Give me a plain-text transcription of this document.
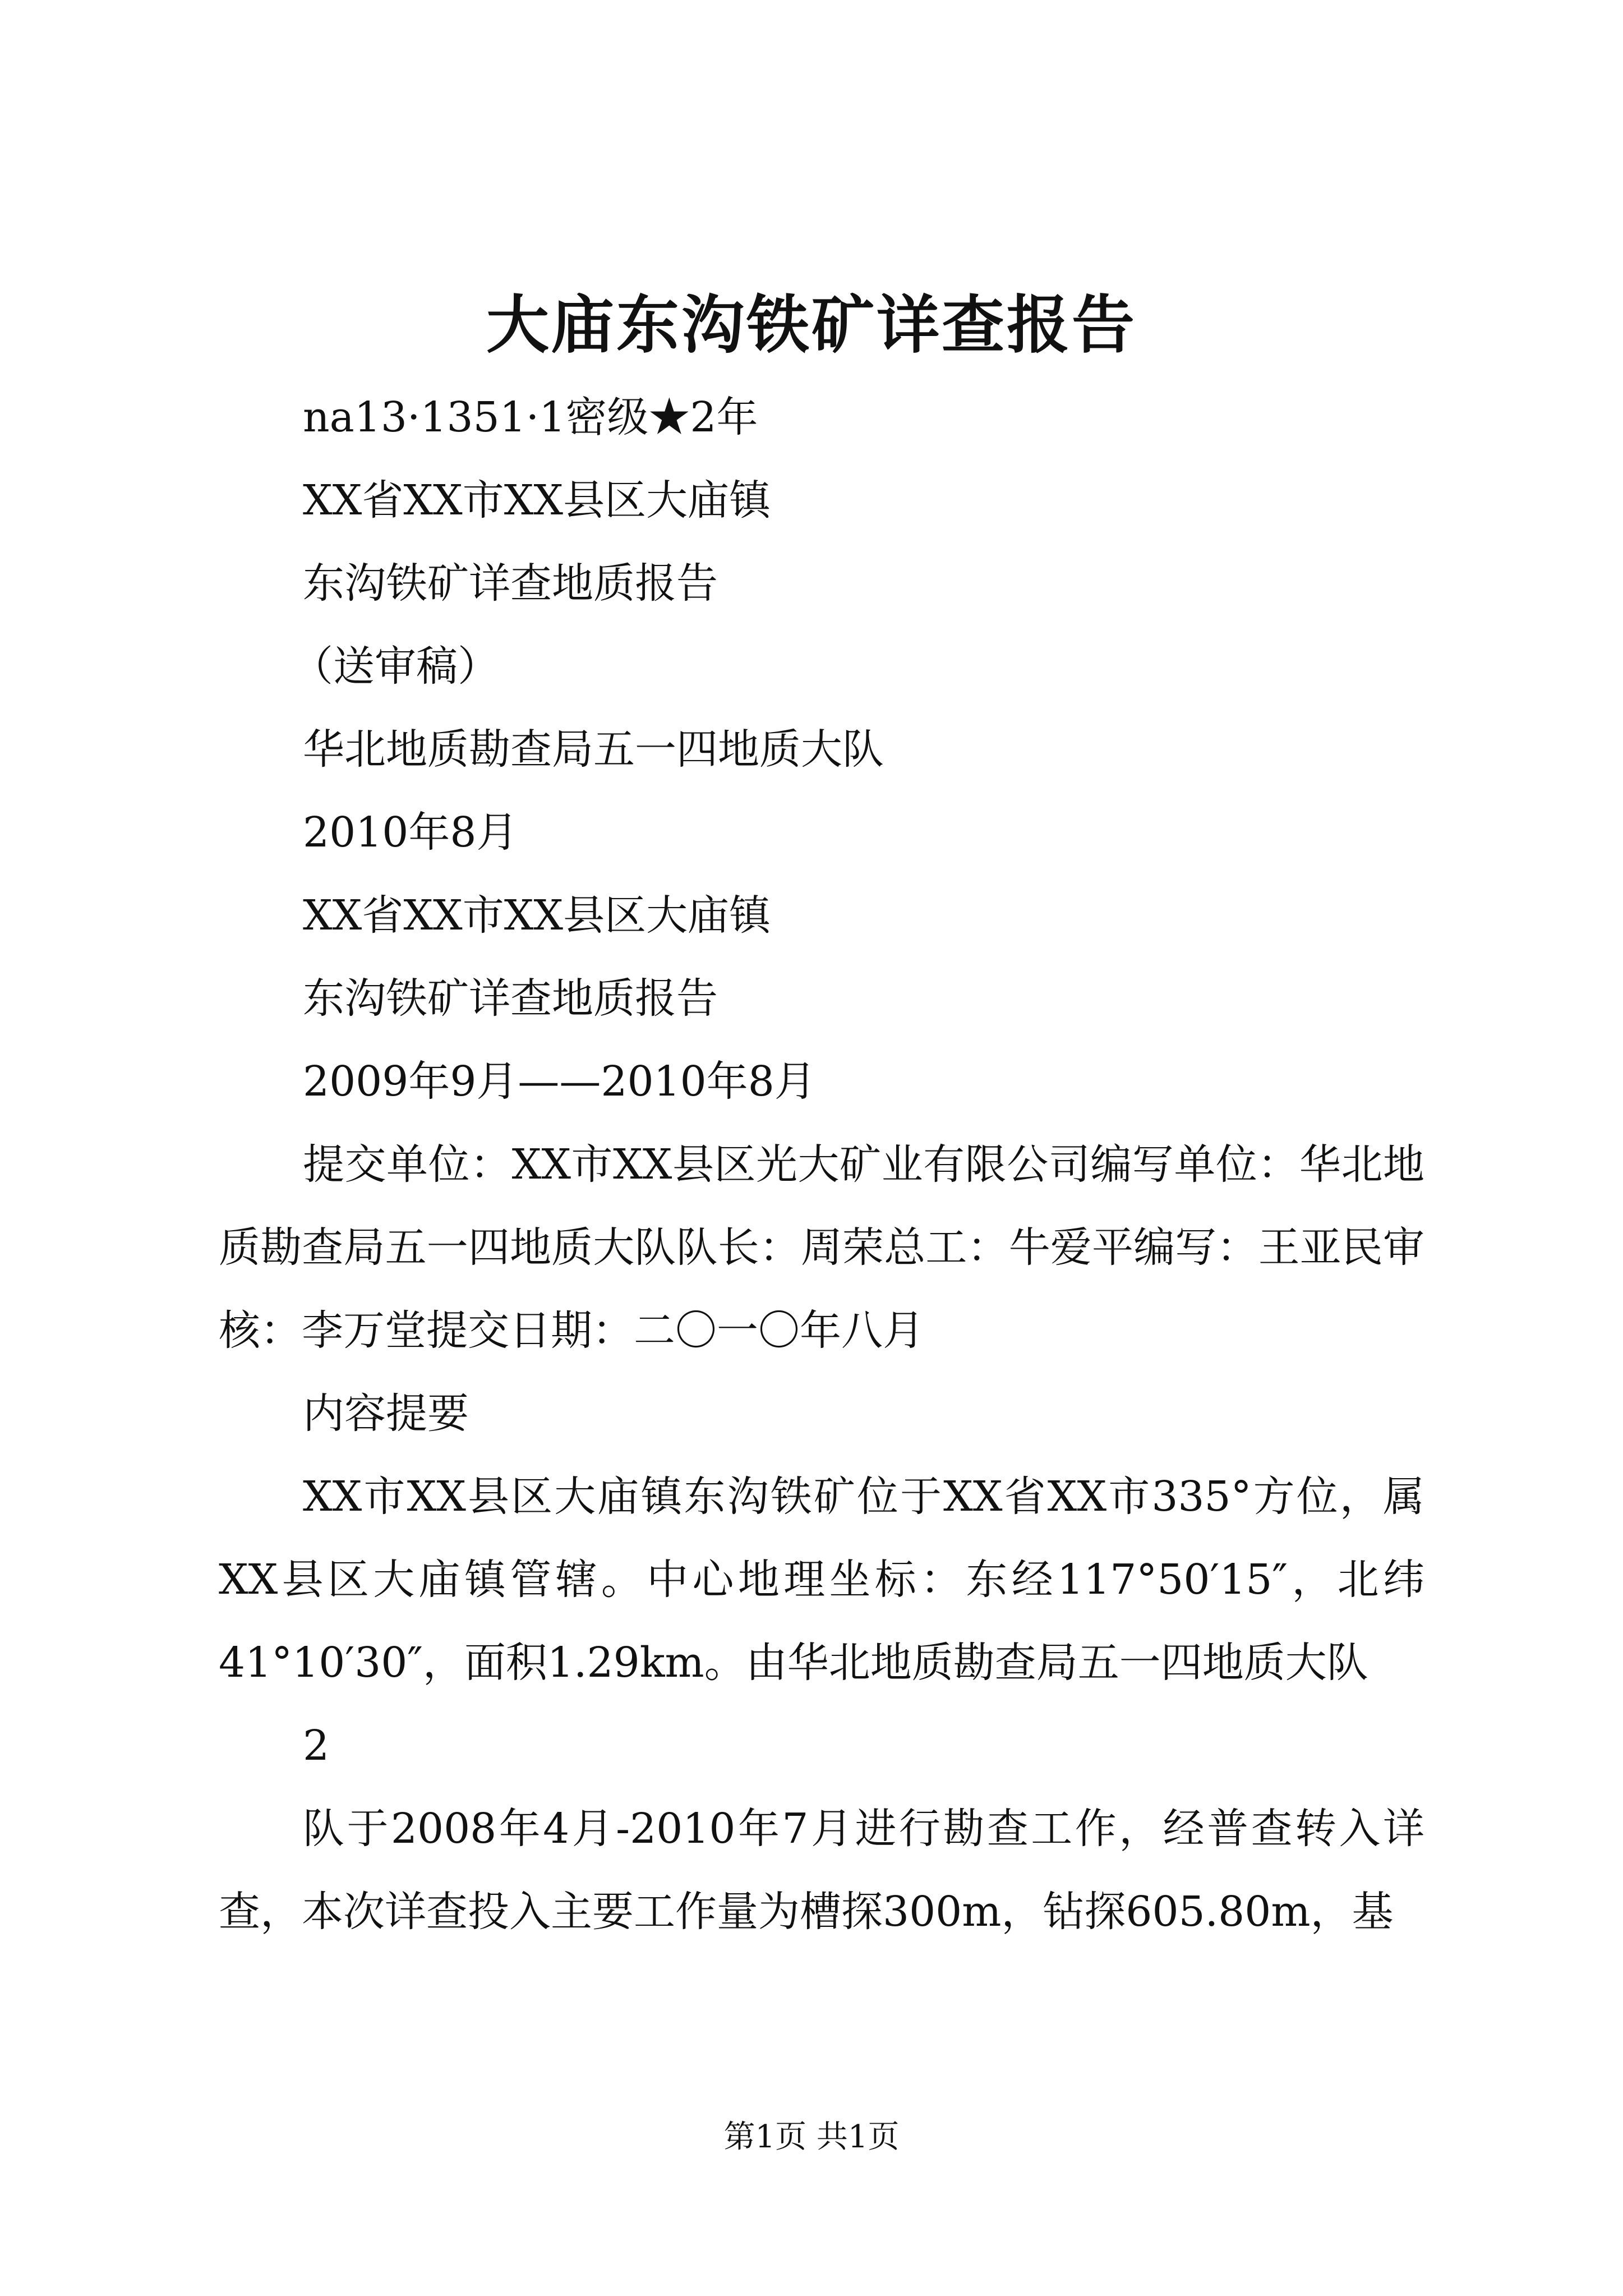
大庙东沟铁矿详查报告

na13·1351·1密级★2年

XX省XX市XX县区大庙镇

东沟铁矿详查地质报告

（送审稿）

华北地质勘查局五一四地质大队

2010年8月

XX省XX市XX县区大庙镇

东沟铁矿详查地质报告

2009年9月——2010年8月

提交单位：XX市XX县区光大矿业有限公司编写单位：华北地质勘查局五一四地质大队队长：周荣总工：牛爱平编写：王亚民审核：李万堂提交日期：二〇一〇年八月

内容提要

XX市XX县区大庙镇东沟铁矿位于XX省XX市335°方位，属XX县区大庙镇管辖。中心地理坐标：东经117°50′15″，北纬41°10′30″，面积1.29km。由华北地质勘查局五一四地质大队

2

队于2008年4月-2010年7月进行勘查工作，经普查转入详查，本次详查投入主要工作量为槽探300m，钻探605.80m，基

第1页 共1页
